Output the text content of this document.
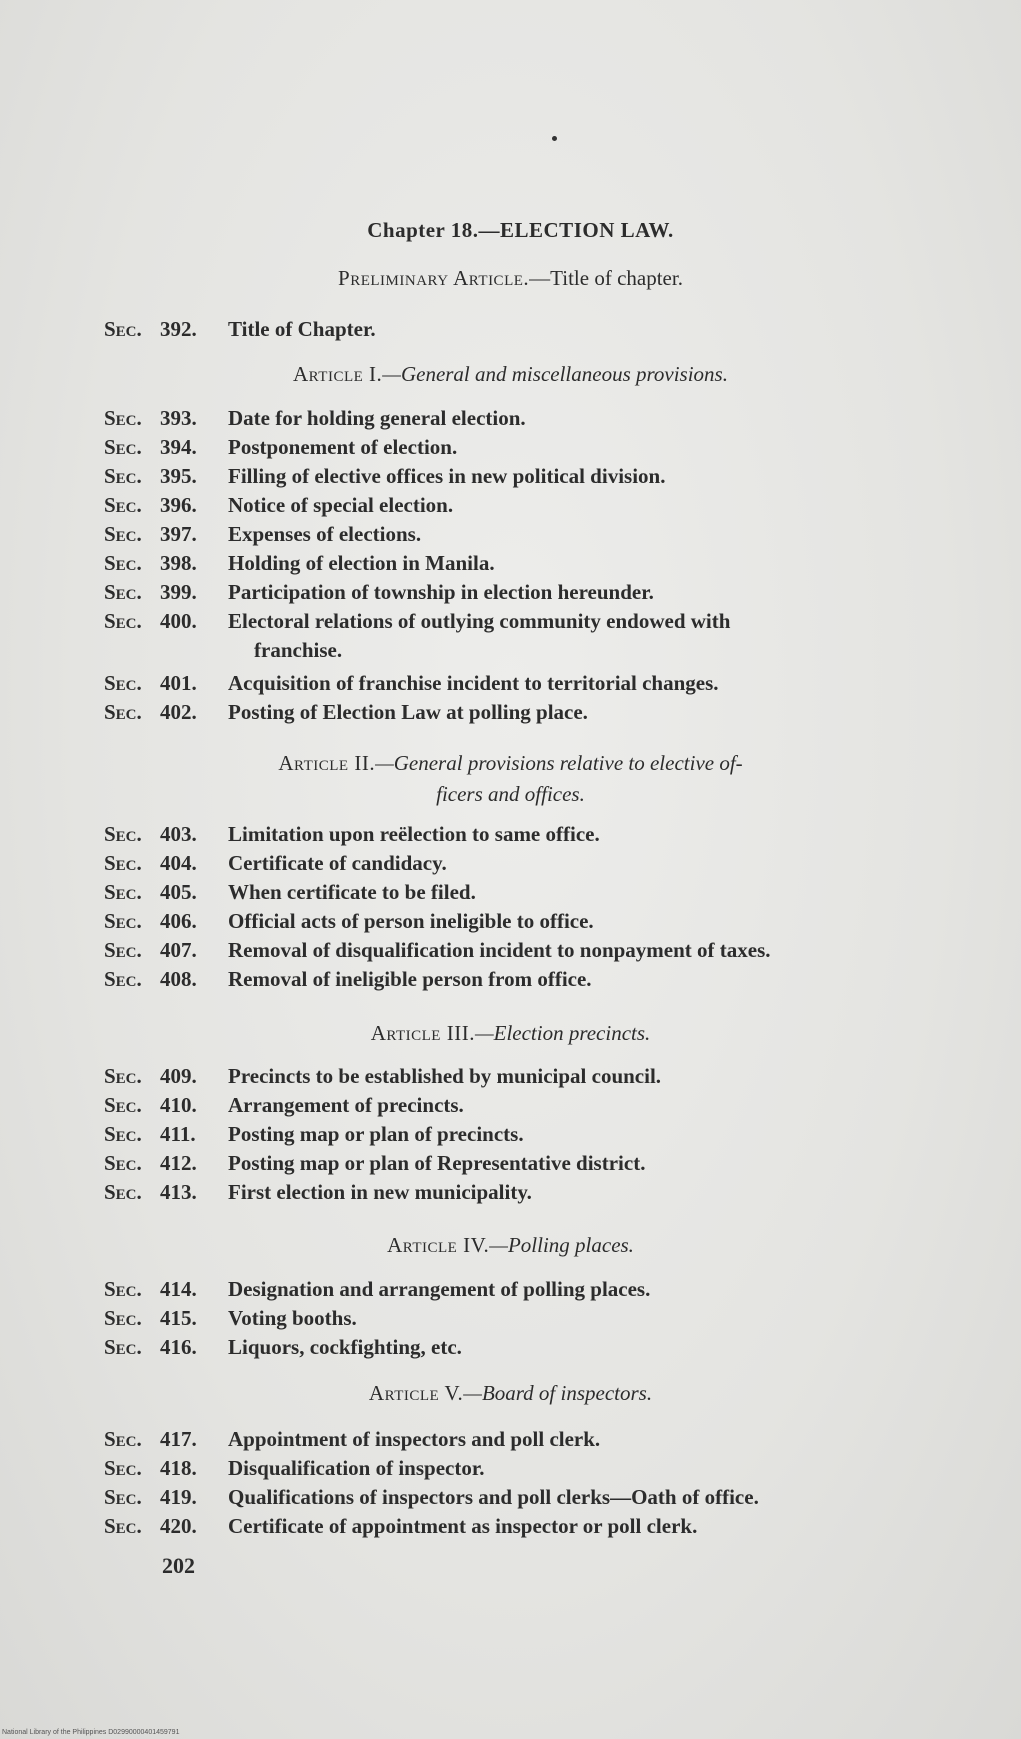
Chapter 18.—ELECTION LAW.
Preliminary Article.—Title of chapter.
Sec. 392. Title of Chapter.
Article I.—General and miscellaneous provisions.
Sec. 393. Date for holding general election.
Sec. 394. Postponement of election.
Sec. 395. Filling of elective offices in new political division.
Sec. 396. Notice of special election.
Sec. 397. Expenses of elections.
Sec. 398. Holding of election in Manila.
Sec. 399. Participation of township in election hereunder.
Sec. 400. Electoral relations of outlying community endowed with
franchise.
Sec. 401. Acquisition of franchise incident to territorial changes.
Sec. 402. Posting of Election Law at polling place.
Article II.—General provisions relative to elective of-
ficers and offices.
Sec. 403. Limitation upon reëlection to same office.
Sec. 404. Certificate of candidacy.
Sec. 405. When certificate to be filed.
Sec. 406. Official acts of person ineligible to office.
Sec. 407. Removal of disqualification incident to nonpayment of taxes.
Sec. 408. Removal of ineligible person from office.
Article III.—Election precincts.
Sec. 409. Precincts to be established by municipal council.
Sec. 410. Arrangement of precincts.
Sec. 411. Posting map or plan of precincts.
Sec. 412. Posting map or plan of Representative district.
Sec. 413. First election in new municipality.
Article IV.—Polling places.
Sec. 414. Designation and arrangement of polling places.
Sec. 415. Voting booths.
Sec. 416. Liquors, cockfighting, etc.
Article V.—Board of inspectors.
Sec. 417. Appointment of inspectors and poll clerk.
Sec. 418. Disqualification of inspector.
Sec. 419. Qualifications of inspectors and poll clerks—Oath of office.
Sec. 420. Certificate of appointment as inspector or poll clerk.
202
National Library of the Philippines D02990000401459791
